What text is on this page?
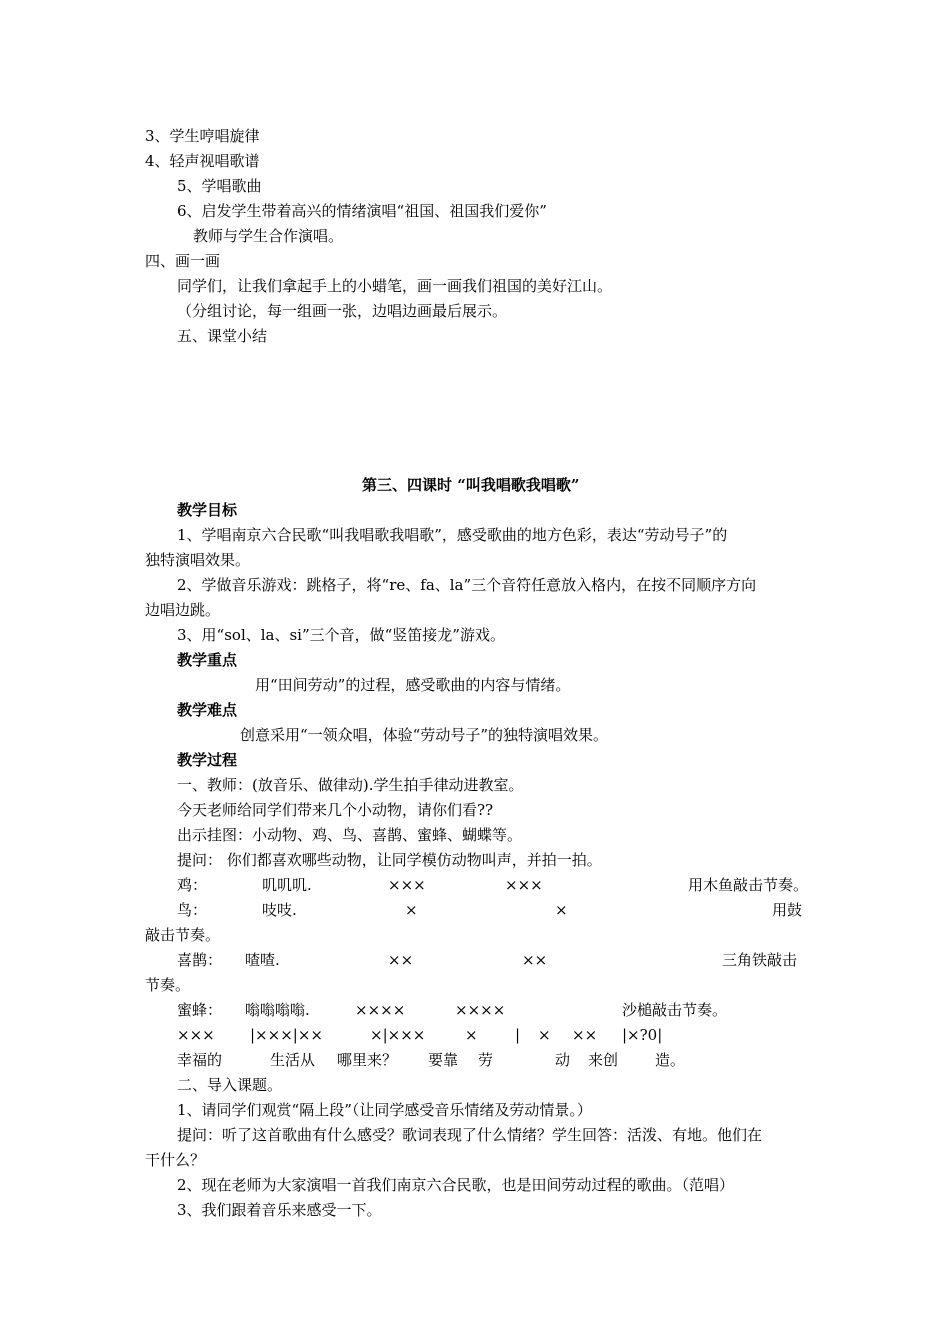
3、学生哼唱旋律
4、轻声视唱歌谱
5、学唱歌曲
6、启发学生带着高兴的情绪演唱“祖国、祖国我们爱你”
教师与学生合作演唱。
四、画一画
同学们，让我们拿起手上的小蜡笔，画一画我们祖国的美好江山。
（分组讨论，每一组画一张，边唱边画最后展示。
五、课堂小结
第三、四课时 “叫我唱歌我唱歌”
教学目标
1、学唱南京六合民歌“叫我唱歌我唱歌”，感受歌曲的地方色彩，表达“劳动号子”的
独特演唱效果。
2、学做音乐游戏：跳格子，将“re、fa、la”三个音符任意放入格内，在按不同顺序方向
边唱边跳。
3、用“sol、la、si”三个音，做“竖笛接龙”游戏。
教学重点
用“田间劳动”的过程，感受歌曲的内容与情绪。
教学难点
创意采用“一领众唱，体验“劳动号子”的独特演唱效果。
教学过程
一、教师：(放音乐、做律动).学生拍手律动进教室。
今天老师给同学们带来几个小动物，请你们看??
出示挂图：小动物、鸡、鸟、喜鹊、蜜蜂、蝴蝶等。
提问： 你们都喜欢哪些动物，让同学模仿动物叫声，并拍一拍。
鸡：	叽叽叽.	×××	×××	用木鱼敲击节奏。
鸟：	吱吱.	×	×	用鼓
敲击节奏。
喜鹊： 喳喳.	××	××	三角铁敲击
节奏。
蜜蜂： 嗡嗡嗡嗡.	××××	××××	沙槌敲击节奏。
××× |×××|××	×|×××	× | × ×× |×?0|
幸福的	生活从 哪里来？ 要靠 劳	动 来创 造。
二、导入课题。
1、请同学们观赏“隔上段”（让同学感受音乐情绪及劳动情景。）
提问：听了这首歌曲有什么感受？歌词表现了什么情绪？学生回答：活泼、有地。他们在
干什么？
2、现在老师为大家演唱一首我们南京六合民歌，也是田间劳动过程的歌曲。（范唱）
3、我们跟着音乐来感受一下。
